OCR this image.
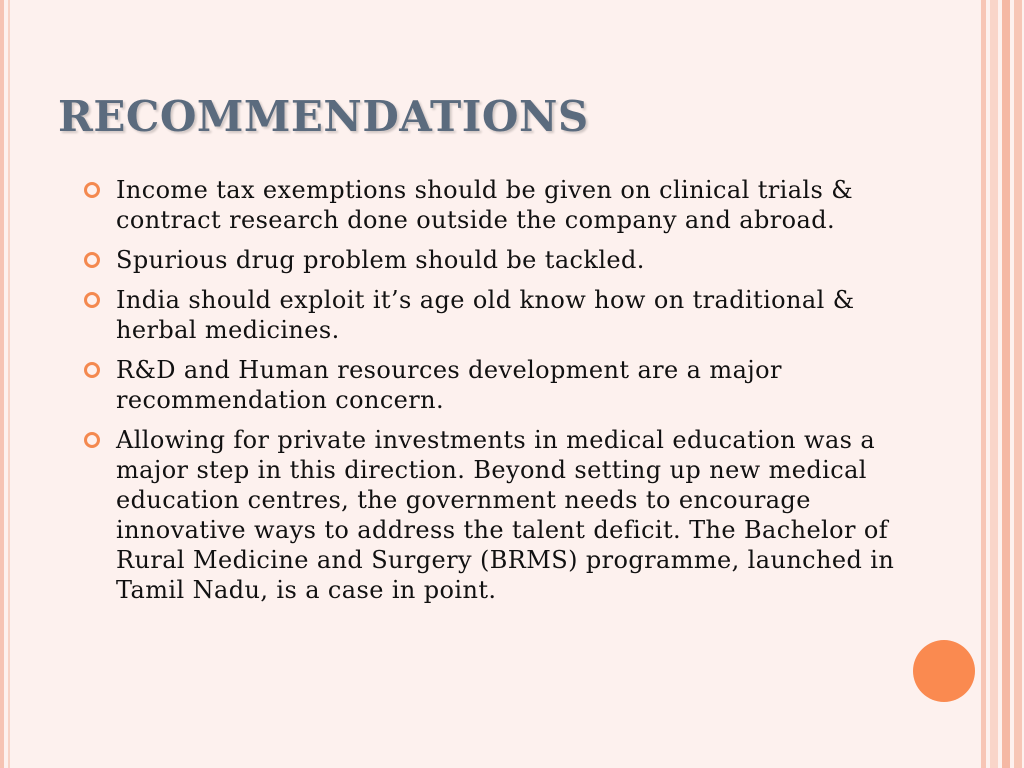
RECOMMENDATIONS
Income tax exemptions should be given on clinical trials & contract research done outside the company and abroad.
Spurious drug problem should be tackled.
India should exploit it’s age old know how on traditional & herbal medicines.
R&D and Human resources development are a major recommendation concern.
Allowing for private investments in medical education was a major step in this direction. Beyond setting up new medical education centres, the government needs to encourage innovative ways to address the talent deficit. The Bachelor of Rural Medicine and Surgery (BRMS) programme, launched in Tamil Nadu, is a case in point.
